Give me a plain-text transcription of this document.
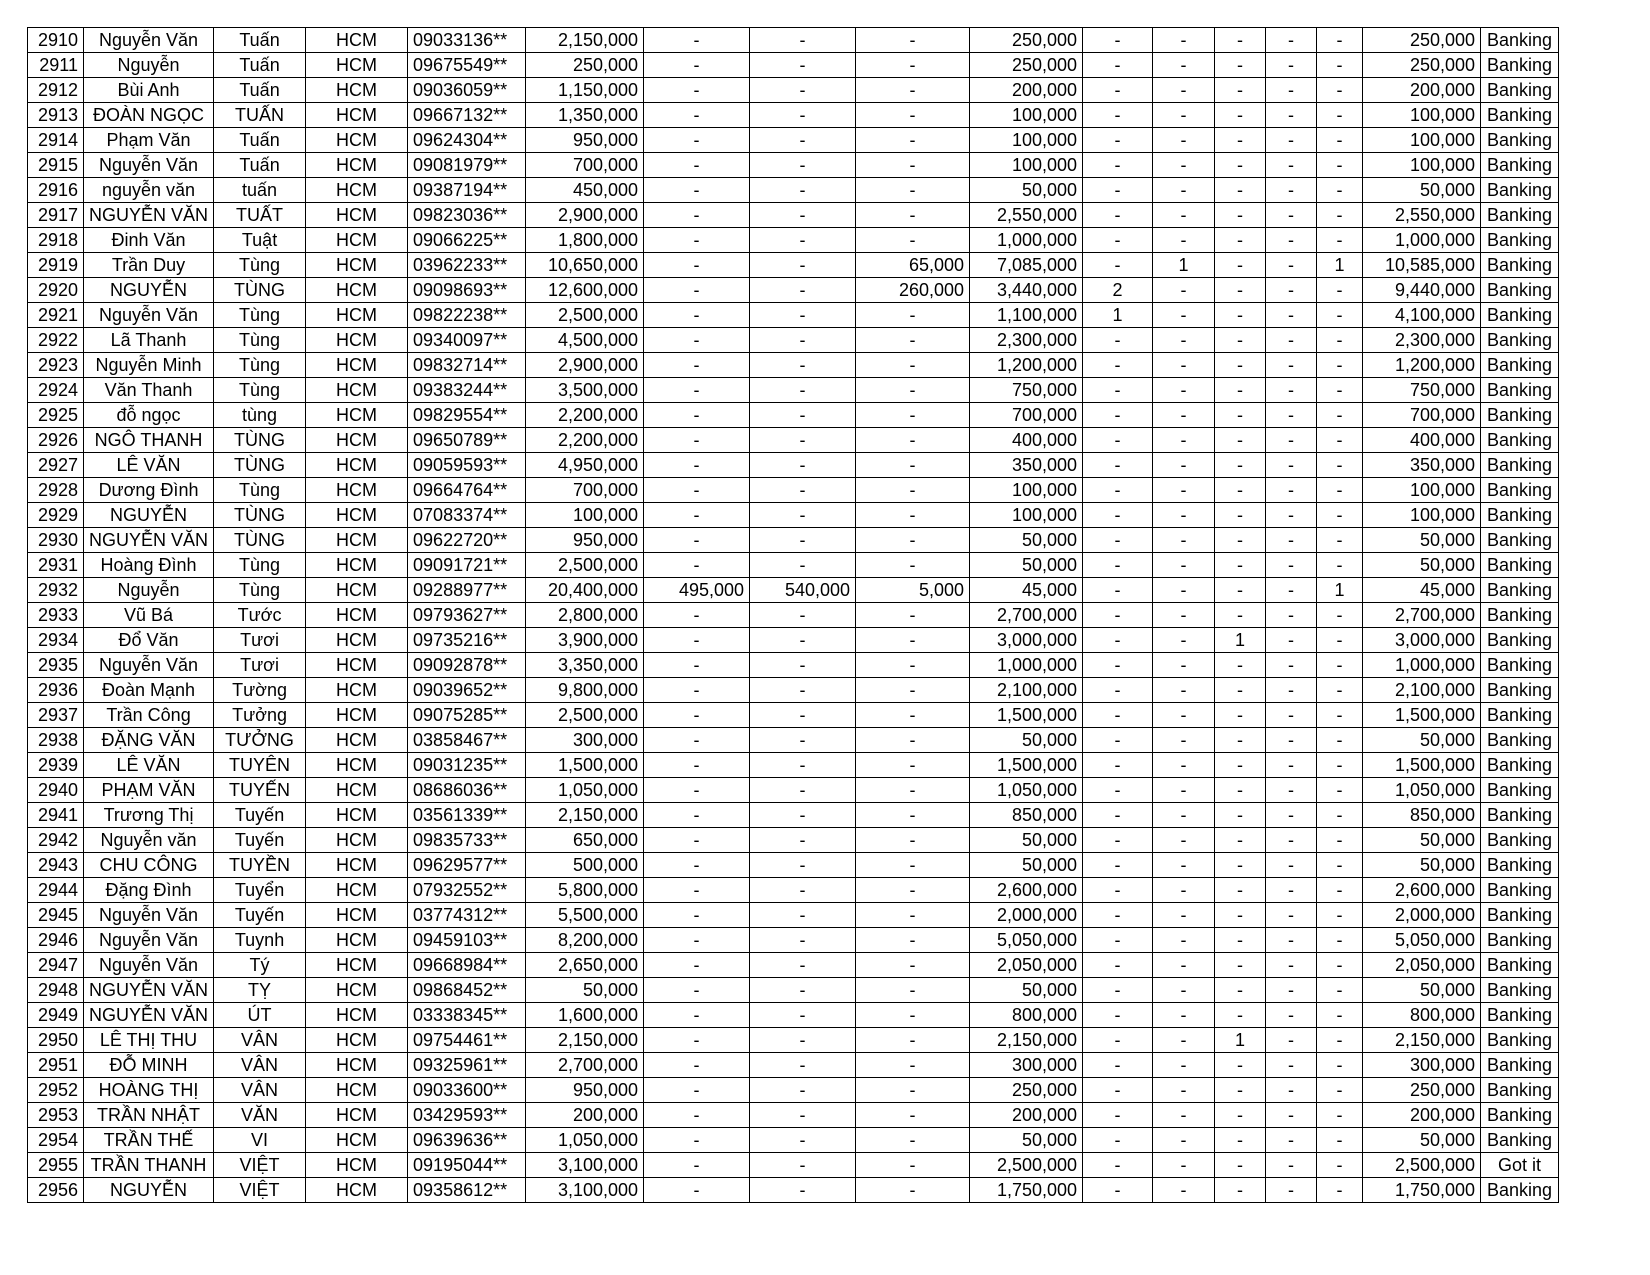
2910	Nguyễn Văn	Tuấn	HCM	09033136**	2,150,000	-	-	-	250,000	-	-	-	-	-	250,000	Banking
2911	Nguyễn	Tuấn	HCM	09675549**	250,000	-	-	-	250,000	-	-	-	-	-	250,000	Banking
2912	Bùi Anh	Tuấn	HCM	09036059**	1,150,000	-	-	-	200,000	-	-	-	-	-	200,000	Banking
2913	ĐOÀN NGỌC	TUẤN	HCM	09667132**	1,350,000	-	-	-	100,000	-	-	-	-	-	100,000	Banking
2914	Phạm Văn	Tuấn	HCM	09624304**	950,000	-	-	-	100,000	-	-	-	-	-	100,000	Banking
2915	Nguyễn Văn	Tuấn	HCM	09081979**	700,000	-	-	-	100,000	-	-	-	-	-	100,000	Banking
2916	nguyễn văn	tuấn	HCM	09387194**	450,000	-	-	-	50,000	-	-	-	-	-	50,000	Banking
2917	NGUYỄN VĂN	TUẤT	HCM	09823036**	2,900,000	-	-	-	2,550,000	-	-	-	-	-	2,550,000	Banking
2918	Đinh Văn	Tuật	HCM	09066225**	1,800,000	-	-	-	1,000,000	-	-	-	-	-	1,000,000	Banking
2919	Trần Duy	Tùng	HCM	03962233**	10,650,000	-	-	65,000	7,085,000	-	1	-	-	1	10,585,000	Banking
2920	NGUYỄN	TÙNG	HCM	09098693**	12,600,000	-	-	260,000	3,440,000	2	-	-	-	-	9,440,000	Banking
2921	Nguyễn Văn	Tùng	HCM	09822238**	2,500,000	-	-	-	1,100,000	1	-	-	-	-	4,100,000	Banking
2922	Lã Thanh	Tùng	HCM	09340097**	4,500,000	-	-	-	2,300,000	-	-	-	-	-	2,300,000	Banking
2923	Nguyễn Minh	Tùng	HCM	09832714**	2,900,000	-	-	-	1,200,000	-	-	-	-	-	1,200,000	Banking
2924	Văn Thanh	Tùng	HCM	09383244**	3,500,000	-	-	-	750,000	-	-	-	-	-	750,000	Banking
2925	đỗ ngọc	tùng	HCM	09829554**	2,200,000	-	-	-	700,000	-	-	-	-	-	700,000	Banking
2926	NGÔ THANH	TÙNG	HCM	09650789**	2,200,000	-	-	-	400,000	-	-	-	-	-	400,000	Banking
2927	LÊ VĂN	TÙNG	HCM	09059593**	4,950,000	-	-	-	350,000	-	-	-	-	-	350,000	Banking
2928	Dương Đình	Tùng	HCM	09664764**	700,000	-	-	-	100,000	-	-	-	-	-	100,000	Banking
2929	NGUYỄN	TÙNG	HCM	07083374**	100,000	-	-	-	100,000	-	-	-	-	-	100,000	Banking
2930	NGUYỄN VĂN	TÙNG	HCM	09622720**	950,000	-	-	-	50,000	-	-	-	-	-	50,000	Banking
2931	Hoàng Đình	Tùng	HCM	09091721**	2,500,000	-	-	-	50,000	-	-	-	-	-	50,000	Banking
2932	Nguyễn	Tùng	HCM	09288977**	20,400,000	495,000	540,000	5,000	45,000	-	-	-	-	1	45,000	Banking
2933	Vũ Bá	Tước	HCM	09793627**	2,800,000	-	-	-	2,700,000	-	-	-	-	-	2,700,000	Banking
2934	Đổ Văn	Tươi	HCM	09735216**	3,900,000	-	-	-	3,000,000	-	-	1	-	-	3,000,000	Banking
2935	Nguyễn Văn	Tươi	HCM	09092878**	3,350,000	-	-	-	1,000,000	-	-	-	-	-	1,000,000	Banking
2936	Đoàn Mạnh	Tường	HCM	09039652**	9,800,000	-	-	-	2,100,000	-	-	-	-	-	2,100,000	Banking
2937	Trần Công	Tưởng	HCM	09075285**	2,500,000	-	-	-	1,500,000	-	-	-	-	-	1,500,000	Banking
2938	ĐẶNG VĂN	TƯỞNG	HCM	03858467**	300,000	-	-	-	50,000	-	-	-	-	-	50,000	Banking
2939	LÊ VĂN	TUYÊN	HCM	09031235**	1,500,000	-	-	-	1,500,000	-	-	-	-	-	1,500,000	Banking
2940	PHẠM VĂN	TUYẾN	HCM	08686036**	1,050,000	-	-	-	1,050,000	-	-	-	-	-	1,050,000	Banking
2941	Trương Thị	Tuyến	HCM	03561339**	2,150,000	-	-	-	850,000	-	-	-	-	-	850,000	Banking
2942	Nguyễn văn	Tuyến	HCM	09835733**	650,000	-	-	-	50,000	-	-	-	-	-	50,000	Banking
2943	CHU CÔNG	TUYỀN	HCM	09629577**	500,000	-	-	-	50,000	-	-	-	-	-	50,000	Banking
2944	Đặng Đình	Tuyển	HCM	07932552**	5,800,000	-	-	-	2,600,000	-	-	-	-	-	2,600,000	Banking
2945	Nguyễn Văn	Tuyến	HCM	03774312**	5,500,000	-	-	-	2,000,000	-	-	-	-	-	2,000,000	Banking
2946	Nguyễn Văn	Tuynh	HCM	09459103**	8,200,000	-	-	-	5,050,000	-	-	-	-	-	5,050,000	Banking
2947	Nguyễn Văn	Tý	HCM	09668984**	2,650,000	-	-	-	2,050,000	-	-	-	-	-	2,050,000	Banking
2948	NGUYỄN VĂN	TỴ	HCM	09868452**	50,000	-	-	-	50,000	-	-	-	-	-	50,000	Banking
2949	NGUYỄN VĂN	ÚT	HCM	03338345**	1,600,000	-	-	-	800,000	-	-	-	-	-	800,000	Banking
2950	LÊ THỊ THU	VÂN	HCM	09754461**	2,150,000	-	-	-	2,150,000	-	-	1	-	-	2,150,000	Banking
2951	ĐỖ MINH	VÂN	HCM	09325961**	2,700,000	-	-	-	300,000	-	-	-	-	-	300,000	Banking
2952	HOÀNG THỊ	VÂN	HCM	09033600**	950,000	-	-	-	250,000	-	-	-	-	-	250,000	Banking
2953	TRẦN NHẬT	VĂN	HCM	03429593**	200,000	-	-	-	200,000	-	-	-	-	-	200,000	Banking
2954	TRẦN THẾ	VI	HCM	09639636**	1,050,000	-	-	-	50,000	-	-	-	-	-	50,000	Banking
2955	TRẦN THANH	VIỆT	HCM	09195044**	3,100,000	-	-	-	2,500,000	-	-	-	-	-	2,500,000	Got it
2956	NGUYỄN	VIỆT	HCM	09358612**	3,100,000	-	-	-	1,750,000	-	-	-	-	-	1,750,000	Banking
